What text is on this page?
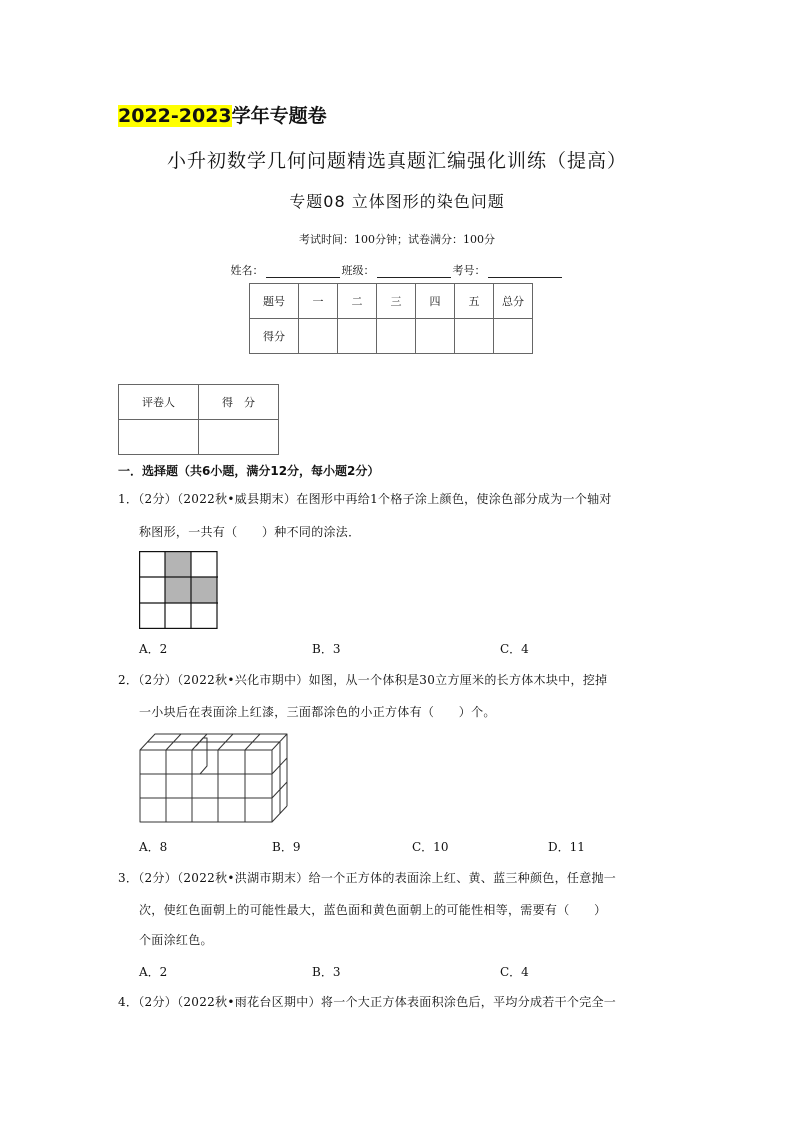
2022-2023学年专题卷
小升初数学几何问题精选真题汇编强化训练（提高）
专题08 立体图形的染色问题
考试时间：100分钟；试卷满分：100分
姓名：	班级：	考号：
题号	一	二	三	四	五	总分
得分						
评卷人	得　分

一．选择题（共6小题，满分12分，每小题2分）
1．（2分）（2022秋•威县期末）在图形中再给1个格子涂上颜色，使涂色部分成为一个轴对
称图形，一共有（　　）种不同的涂法．
A．2	B．3	C．4
2．（2分）（2022秋•兴化市期中）如图，从一个体积是30立方厘米的长方体木块中，挖掉
一小块后在表面涂上红漆，三面都涂色的小正方体有（　　）个。
A．8	B．9	C．10	D．11
3．（2分）（2022秋•洪湖市期末）给一个正方体的表面涂上红、黄、蓝三种颜色，任意抛一
次，使红色面朝上的可能性最大，蓝色面和黄色面朝上的可能性相等，需要有（　　）
个面涂红色。
A．2	B．3	C．4
4．（2分）（2022秋•雨花台区期中）将一个大正方体表面积涂色后，平均分成若干个完全一
